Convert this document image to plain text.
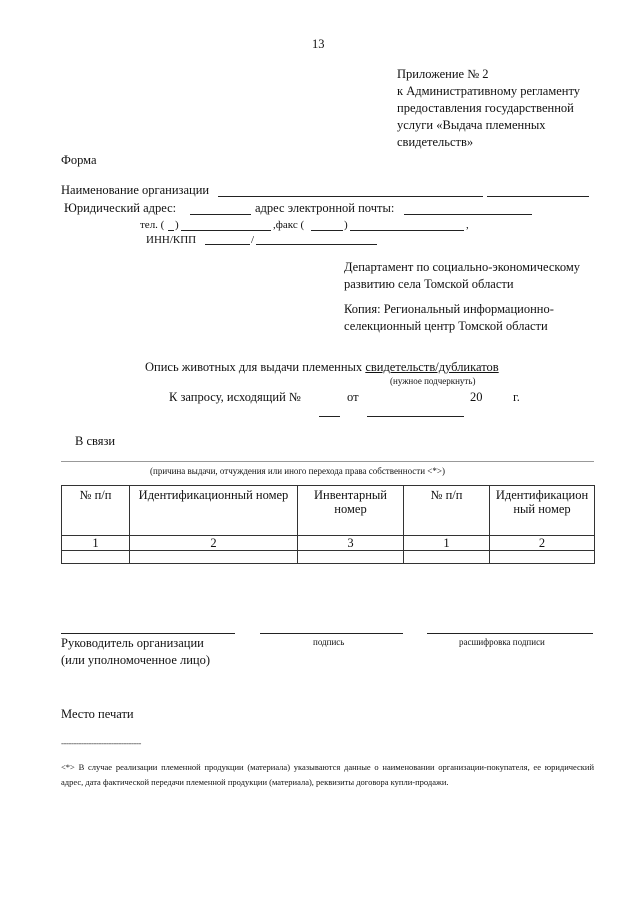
13
Приложение № 2
к Административному регламенту
предоставления государственной
услуги «Выдача племенных
свидетельств»
Форма
Наименование организации
Юридический адрес:	адрес электронной почты:
тел. ( )	,факс (	)	,
ИНН/КПП	/
Департамент по социально-экономическому
развитию села Томской области
Копия: Региональный информационно-
селекционный центр Томской области
Опись животных для выдачи племенных свидетельств/дубликатов
(нужное подчеркнуть)
К запросу, исходящий №	от	20 г.
В связи
(причина выдачи, отчуждения или иного перехода права собственности <*>)
№ п/п	Идентификационный номер	Инвентарный номер	№ п/п	Идентификацион ный номер
1	2	3	1	2

Руководитель организации
(или уполномоченное лицо)
подпись	расшифровка подписи
Место печати
--------------------------------
<*> В случае реализации племенной продукции (материала) указываются данные о наименовании организации-покупателя, ее юридический адрес, дата фактической передачи племенной продукции (материала), реквизиты договора купли-продажи.
